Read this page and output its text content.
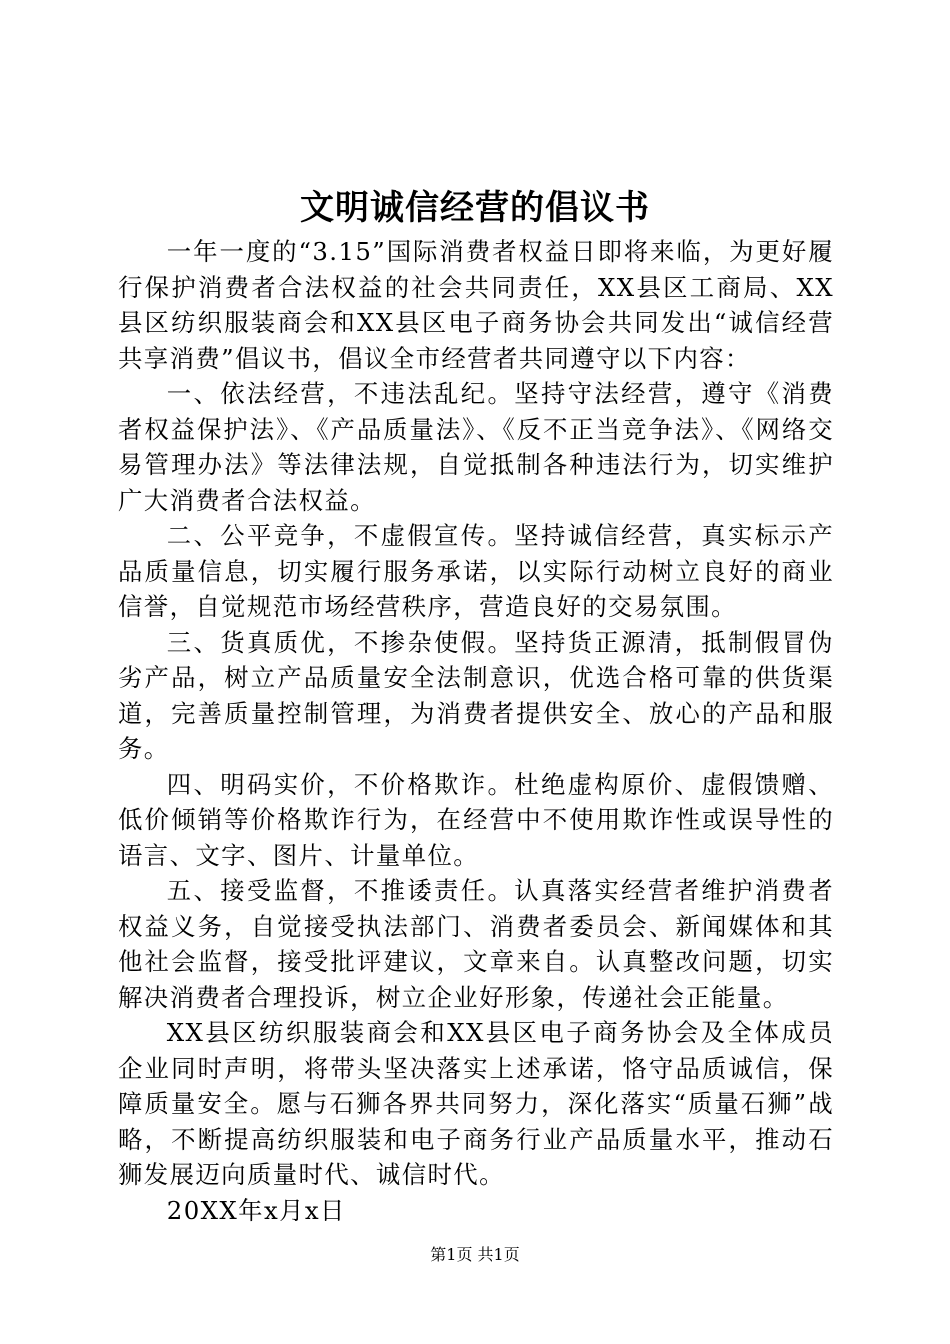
文明诚信经营的倡议书

一年一度的“3.15”国际消费者权益日即将来临，为更好履行保护消费者合法权益的社会共同责任，XX县区工商局、XX县区纺织服装商会和XX县区电子商务协会共同发出“诚信经营共享消费”倡议书，倡议全市经营者共同遵守以下内容：

一、依法经营，不违法乱纪。坚持守法经营，遵守《消费者权益保护法》、《产品质量法》、《反不正当竞争法》、《网络交易管理办法》等法律法规，自觉抵制各种违法行为，切实维护广大消费者合法权益。

二、公平竞争，不虚假宣传。坚持诚信经营，真实标示产品质量信息，切实履行服务承诺，以实际行动树立良好的商业信誉，自觉规范市场经营秩序，营造良好的交易氛围。

三、货真质优，不掺杂使假。坚持货正源清，抵制假冒伪劣产品，树立产品质量安全法制意识，优选合格可靠的供货渠道，完善质量控制管理，为消费者提供安全、放心的产品和服务。

四、明码实价，不价格欺诈。杜绝虚构原价、虚假馈赠、低价倾销等价格欺诈行为，在经营中不使用欺诈性或误导性的语言、文字、图片、计量单位。

五、接受监督，不推诿责任。认真落实经营者维护消费者权益义务，自觉接受执法部门、消费者委员会、新闻媒体和其他社会监督，接受批评建议，文章来自。认真整改问题，切实解决消费者合理投诉，树立企业好形象，传递社会正能量。

XX县区纺织服装商会和XX县区电子商务协会及全体成员企业同时声明，将带头坚决落实上述承诺，恪守品质诚信，保障质量安全。愿与石狮各界共同努力，深化落实“质量石狮”战略，不断提高纺织服装和电子商务行业产品质量水平，推动石狮发展迈向质量时代、诚信时代。

20XX年x月x日

第1页 共1页
